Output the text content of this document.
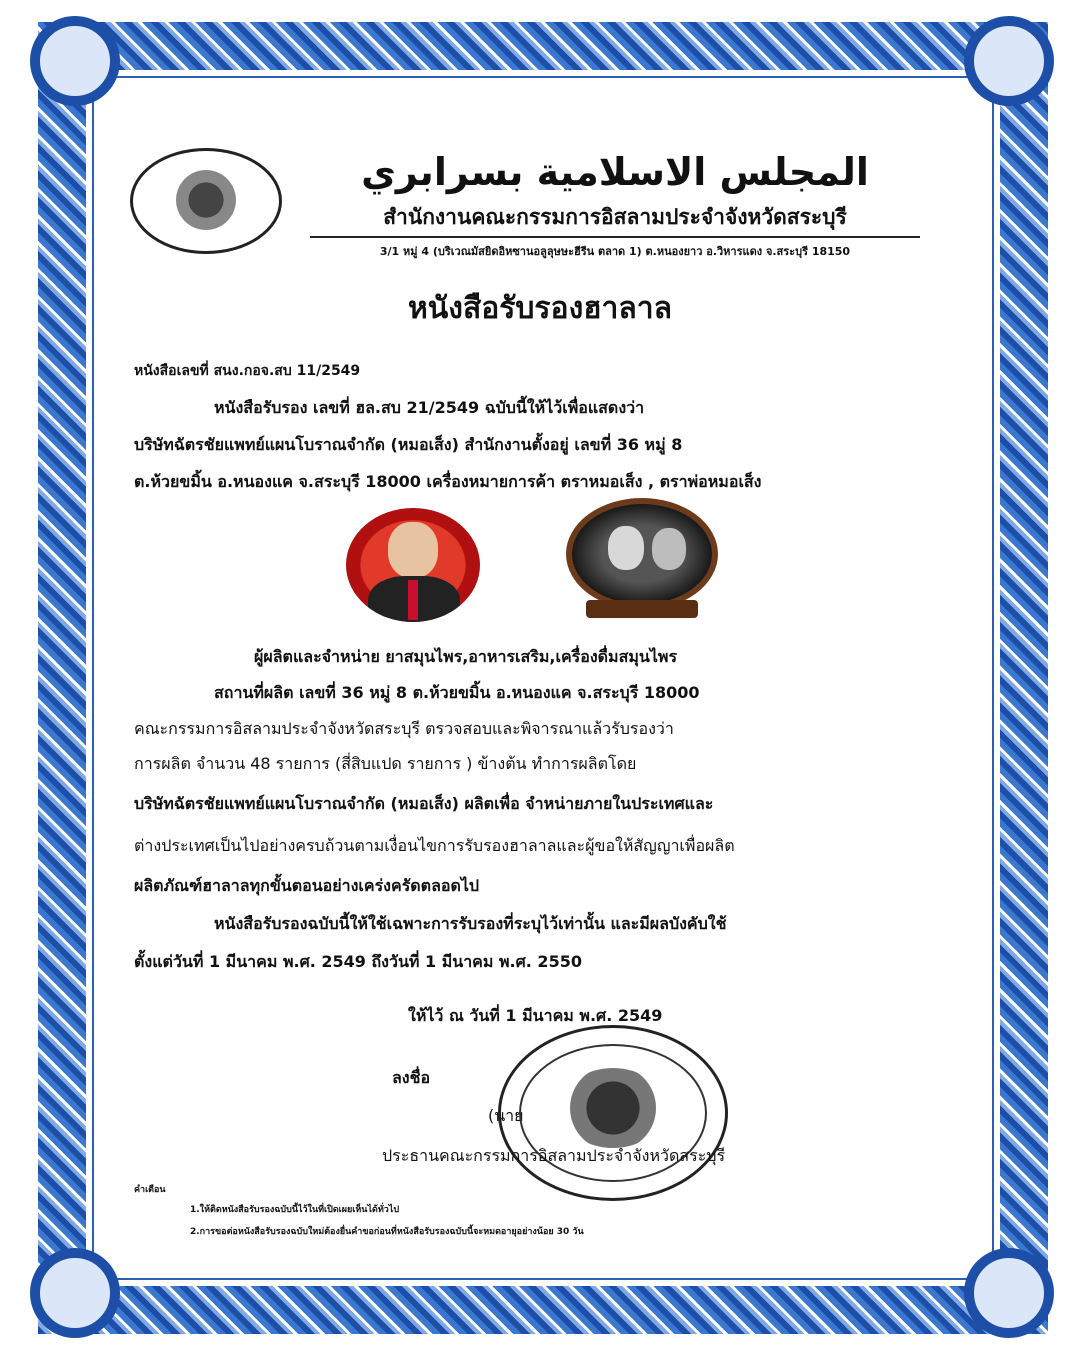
المجلس الاسلامية بسرابري
สำนักงานคณะกรรมการอิสลามประจำจังหวัดสระบุรี
3/1 หมู่ 4 (บริเวณมัสยิดอิหซานอลูลุษษะฮีรีน ตลาด 1) ต.หนองยาว อ.วิหารแดง จ.สระบุรี 18150
หนังสือรับรองฮาลาล
หนังสือเลขที่ สนง.กอจ.สบ 11/2549
หนังสือรับรอง เลขที่ ฮล.สบ 21/2549 ฉบับนี้ให้ไว้เพื่อแสดงว่า
บริษัทฉัตรชัยแพทย์แผนโบราณจำกัด (หมอเส็ง) สำนักงานตั้งอยู่ เลขที่ 36 หมู่ 8
ต.ห้วยขมิ้น อ.หนองแค จ.สระบุรี 18000 เครื่องหมายการค้า ตราหมอเส็ง , ตราพ่อหมอเส็ง
ผู้ผลิตและจำหน่าย ยาสมุนไพร,อาหารเสริม,เครื่องดื่มสมุนไพร
สถานที่ผลิต เลขที่ 36 หมู่ 8 ต.ห้วยขมิ้น อ.หนองแค จ.สระบุรี 18000
คณะกรรมการอิสลามประจำจังหวัดสระบุรี ตรวจสอบและพิจารณาแล้วรับรองว่า
การผลิต จำนวน 48 รายการ (สี่สิบแปด รายการ ) ข้างต้น ทำการผลิตโดย
บริษัทฉัตรชัยแพทย์แผนโบราณจำกัด (หมอเส็ง) ผลิตเพื่อ จำหน่ายภายในประเทศและ
ต่างประเทศเป็นไปอย่างครบถ้วนตามเงื่อนไขการรับรองฮาลาลและผู้ขอให้สัญญาเพื่อผลิต
ผลิตภัณฑ์ฮาลาลทุกขั้นตอนอย่างเคร่งครัดตลอดไป
หนังสือรับรองฉบับนี้ให้ใช้เฉพาะการรับรองที่ระบุไว้เท่านั้น และมีผลบังคับใช้
ตั้งแต่วันที่ 1 มีนาคม พ.ศ. 2549 ถึงวันที่ 1 มีนาคม พ.ศ. 2550
ให้ไว้ ณ วันที่ 1 มีนาคม พ.ศ. 2549
ลงชื่อ
(นาย
ประธานคณะกรรมการอิสลามประจำจังหวัดสระบุรี
คำเตือน
1.ให้ติดหนังสือรับรองฉบับนี้ไว้ในที่เปิดเผยเห็นได้ทั่วไป
2.การขอต่อหนังสือรับรองฉบับใหม่ต้องยื่นคำขอก่อนที่หนังสือรับรองฉบับนี้จะหมดอายุอย่างน้อย 30 วัน
